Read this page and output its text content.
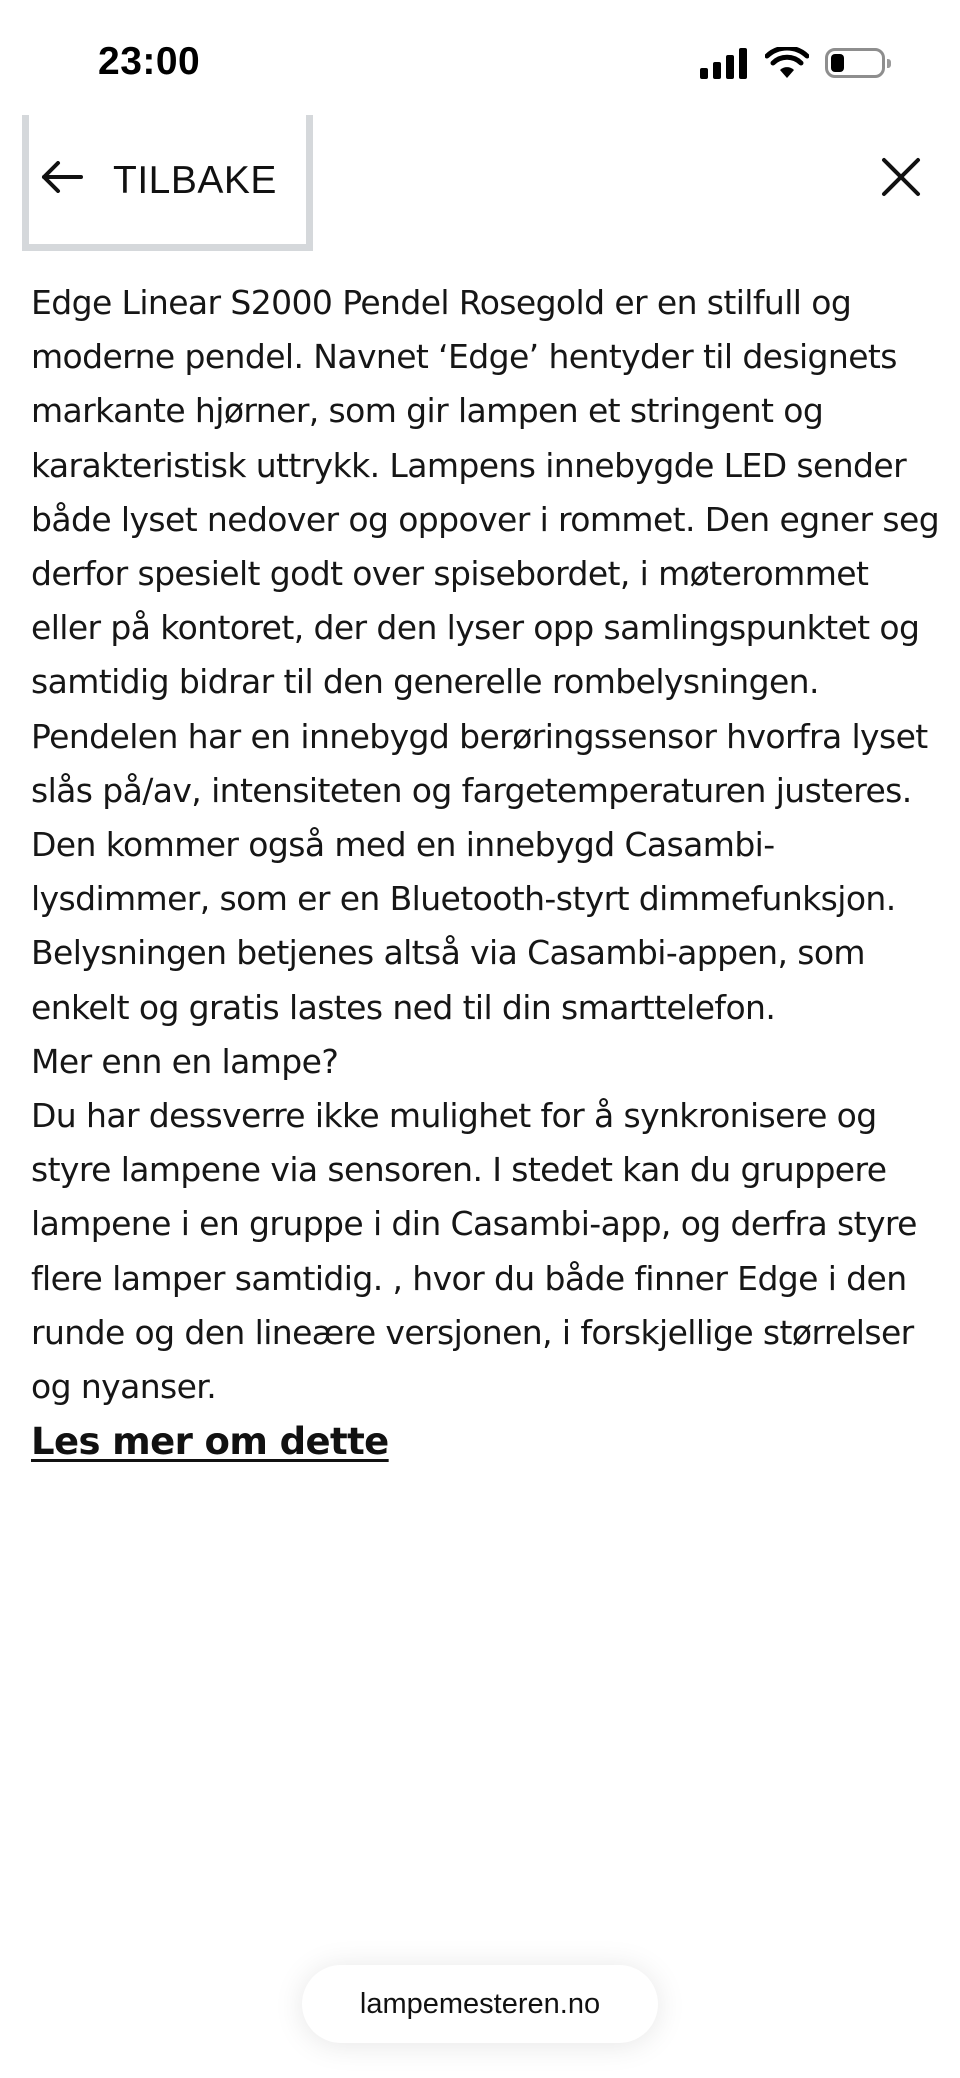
23:00
TILBAKE

Edge Linear S2000 Pendel Rosegold er en stilfull og moderne pendel. Navnet ‘Edge’ hentyder til designets markante hjørner, som gir lampen et stringent og karakteristisk uttrykk. Lampens innebygde LED sender både lyset nedover og oppover i rommet. Den egner seg derfor spesielt godt over spisebordet, i møterommet eller på kontoret, der den lyser opp samlingspunktet og samtidig bidrar til den generelle rombelysningen.

Pendelen har en innebygd berøringssensor hvorfra lyset slås på/av, intensiteten og fargetemperaturen justeres. Den kommer også med en innebygd Casambi-lysdimmer, som er en Bluetooth-styrt dimmefunksjon. Belysningen betjenes altså via Casambi-appen, som enkelt og gratis lastes ned til din smarttelefon.

Mer enn en lampe?

Du har dessverre ikke mulighet for å synkronisere og styre lampene via sensoren. I stedet kan du gruppere lampene i en gruppe i din Casambi-app, og derfra styre flere lamper samtidig. , hvor du både finner Edge i den runde og den lineære versjonen, i forskjellige størrelser og nyanser.

Les mer om dette
lampemesteren.no
